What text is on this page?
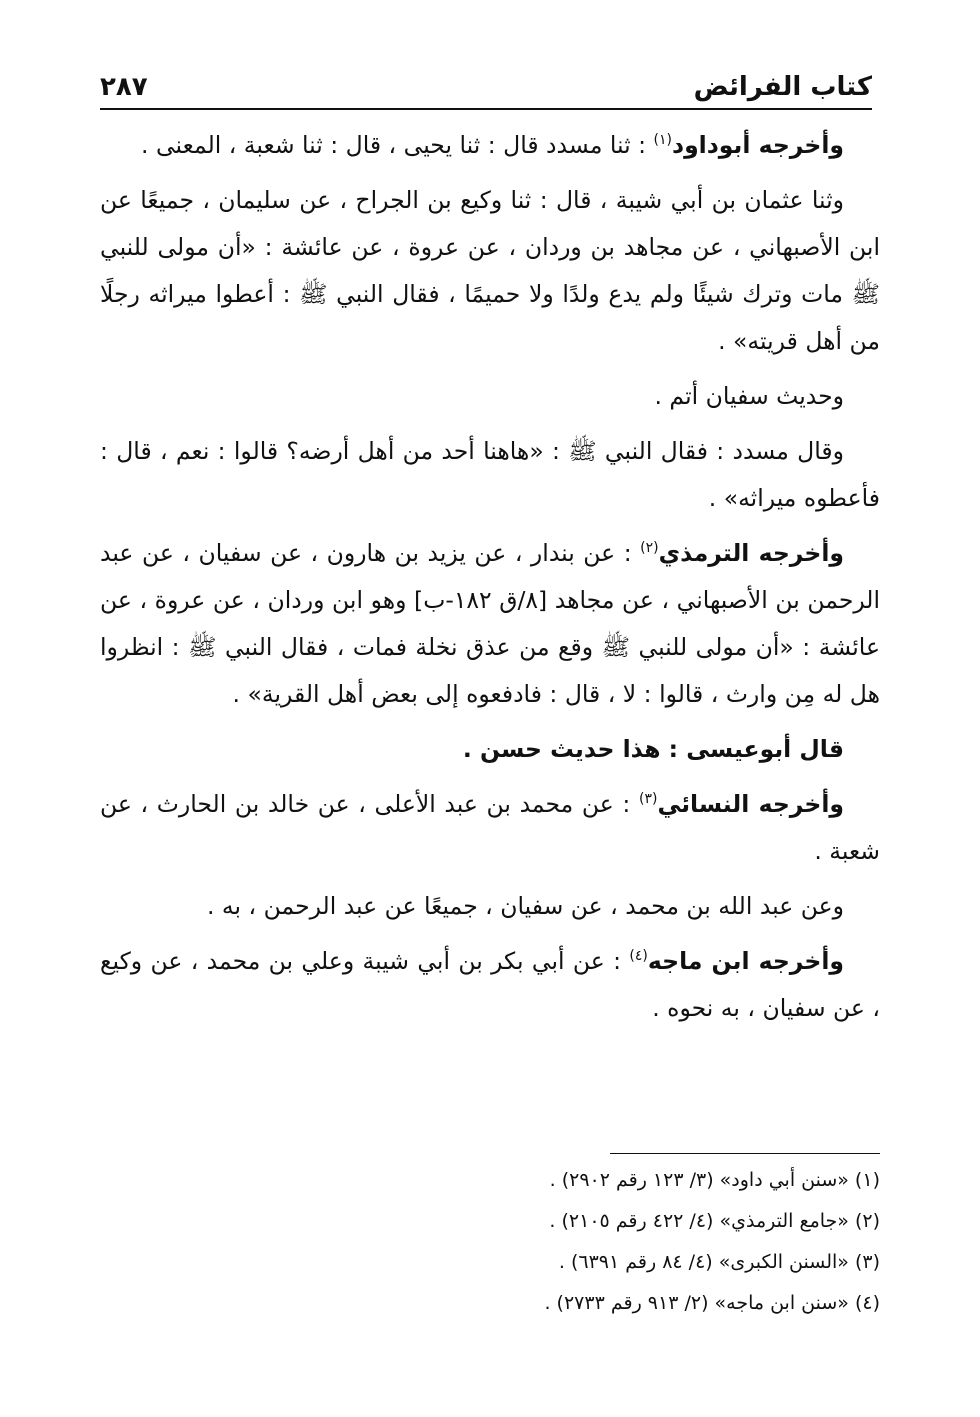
٢٨٧	كتاب الفرائض

وأخرجه أبوداود$^{(١)}$ : ثنا مسدد قال : ثنا يحيى ، قال : ثنا شعبة ، المعنى .

وثنا عثمان بن أبي شيبة ، قال : ثنا وكيع بن الجراح ، عن سليمان ، جميعًا عن ابن الأصبهاني ، عن مجاهد بن وردان ، عن عروة ، عن عائشة : «أن مولى للنبي ﷺ مات وترك شيئًا ولم يدع ولدًا ولا حميمًا ، فقال النبي ﷺ : أعطوا ميراثه رجلًا من أهل قريته» .

وحديث سفيان أتم .

وقال مسدد : فقال النبي ﷺ : «هاهنا أحد من أهل أرضه؟ قالوا : نعم ، قال : فأعطوه ميراثه» .

وأخرجه الترمذي$^{(٢)}$ : عن بندار ، عن يزيد بن هارون ، عن سفيان ، عن عبد الرحمن بن الأصبهاني ، عن مجاهد [٨/ق ١٨٢-ب] وهو ابن وردان ، عن عروة ، عن عائشة : «أن مولى للنبي ﷺ وقع من عذق نخلة فمات ، فقال النبي ﷺ : انظروا هل له مِن وارث ، قالوا : لا ، قال : فادفعوه إلى بعض أهل القرية» .

قال أبوعيسى : هذا حديث حسن .

وأخرجه النسائي$^{(٣)}$ : عن محمد بن عبد الأعلى ، عن خالد بن الحارث ، عن شعبة .

وعن عبد الله بن محمد ، عن سفيان ، جميعًا عن عبد الرحمن ، به .

وأخرجه ابن ماجه$^{(٤)}$ : عن أبي بكر بن أبي شيبة وعلي بن محمد ، عن وكيع ، عن سفيان ، به نحوه .

(١) «سنن أبي داود» (٣/ ١٢٣ رقم ٢٩٠٢) .
(٢) «جامع الترمذي» (٤/ ٤٢٢ رقم ٢١٠٥) .
(٣) «السنن الكبرى» (٤/ ٨٤ رقم ٦٣٩١) .
(٤) «سنن ابن ماجه» (٢/ ٩١٣ رقم ٢٧٣٣) .
